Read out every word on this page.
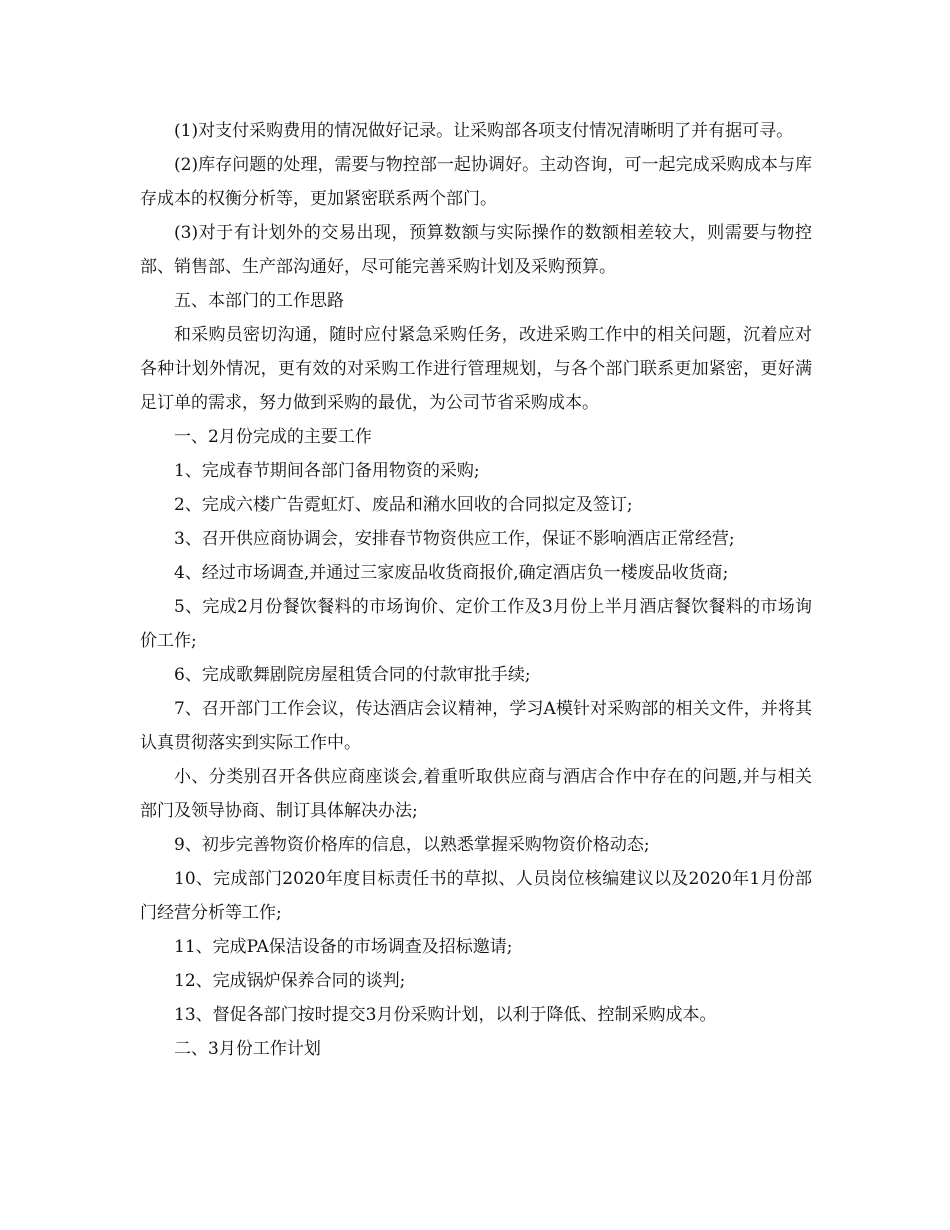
(1)对支付采购费用的情况做好记录。让采购部各项支付情况清晰明了并有据可寻。

(2)库存问题的处理，需要与物控部一起协调好。主动咨询，可一起完成采购成本与库存成本的权衡分析等，更加紧密联系两个部门。

(3)对于有计划外的交易出现，预算数额与实际操作的数额相差较大，则需要与物控部、销售部、生产部沟通好，尽可能完善采购计划及采购预算。

五、本部门的工作思路

和采购员密切沟通，随时应付紧急采购任务，改进采购工作中的相关问题，沉着应对各种计划外情况，更有效的对采购工作进行管理规划，与各个部门联系更加紧密，更好满足订单的需求，努力做到采购的最优，为公司节省采购成本。

一、2月份完成的主要工作

1、完成春节期间各部门备用物资的采购;

2、完成六楼广告霓虹灯、废品和潲水回收的合同拟定及签订;

3、召开供应商协调会，安排春节物资供应工作，保证不影响酒店正常经营;

4、经过市场调查,并通过三家废品收货商报价,确定酒店负一楼废品收货商;

5、完成2月份餐饮餐料的市场询价、定价工作及3月份上半月酒店餐饮餐料的市场询价工作;

6、完成歌舞剧院房屋租赁合同的付款审批手续;

7、召开部门工作会议，传达酒店会议精神，学习A模针对采购部的相关文件，并将其认真贯彻落实到实际工作中。

小、分类别召开各供应商座谈会,着重听取供应商与酒店合作中存在的问题,并与相关部门及领导协商、制订具体解决办法;

9、初步完善物资价格库的信息，以熟悉掌握采购物资价格动态;

10、完成部门2020年度目标责任书的草拟、人员岗位核编建议以及2020年1月份部门经营分析等工作;

11、完成PA保洁设备的市场调查及招标邀请;

12、完成锅炉保养合同的谈判;

13、督促各部门按时提交3月份采购计划，以利于降低、控制采购成本。

二、3月份工作计划
